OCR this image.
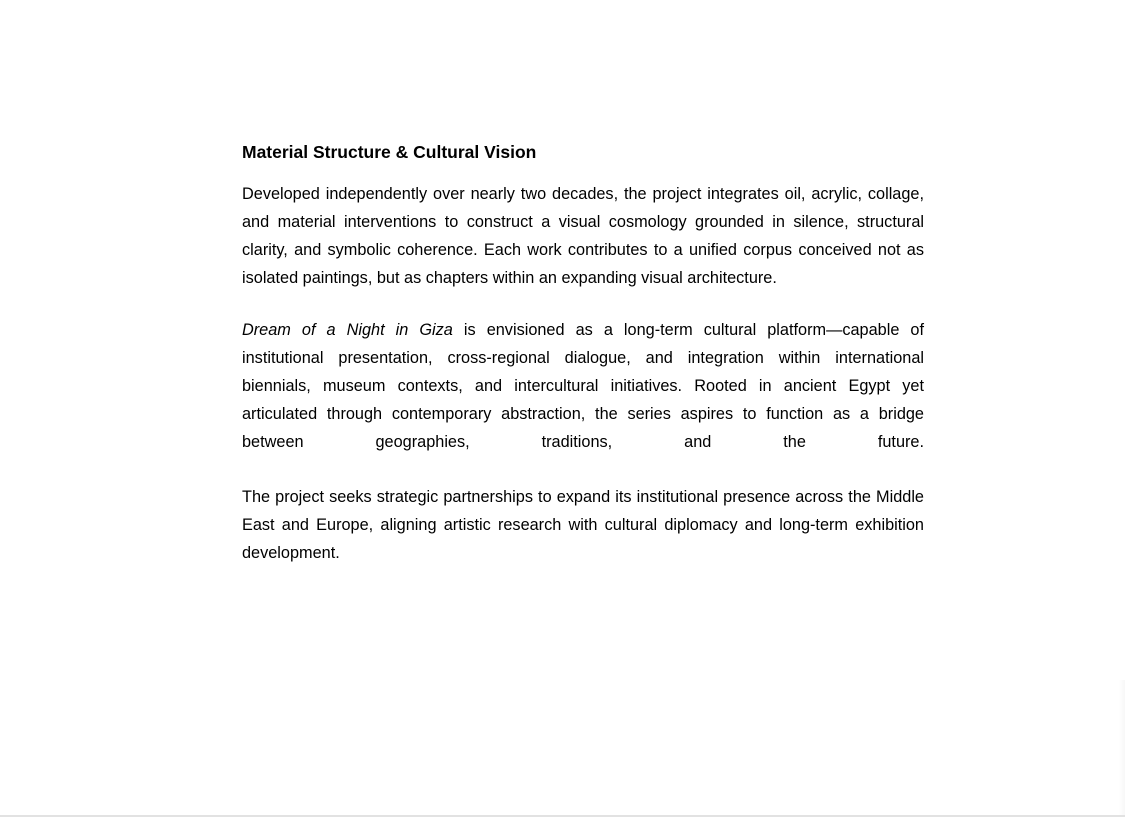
Material Structure & Cultural Vision

Developed independently over nearly two decades, the project integrates oil, acrylic, collage, and material interventions to construct a visual cosmology grounded in silence, structural clarity, and symbolic coherence. Each work contributes to a unified corpus conceived not as isolated paintings, but as chapters within an expanding visual architecture.

Dream of a Night in Giza is envisioned as a long-term cultural platform—capable of institutional presentation, cross-regional dialogue, and integration within international biennials, museum contexts, and intercultural initiatives. Rooted in ancient Egypt yet articulated through contemporary abstraction, the series aspires to function as a bridge between geographies, traditions, and the future.

The project seeks strategic partnerships to expand its institutional presence across the Middle East and Europe, aligning artistic research with cultural diplomacy and long-term exhibition development.
